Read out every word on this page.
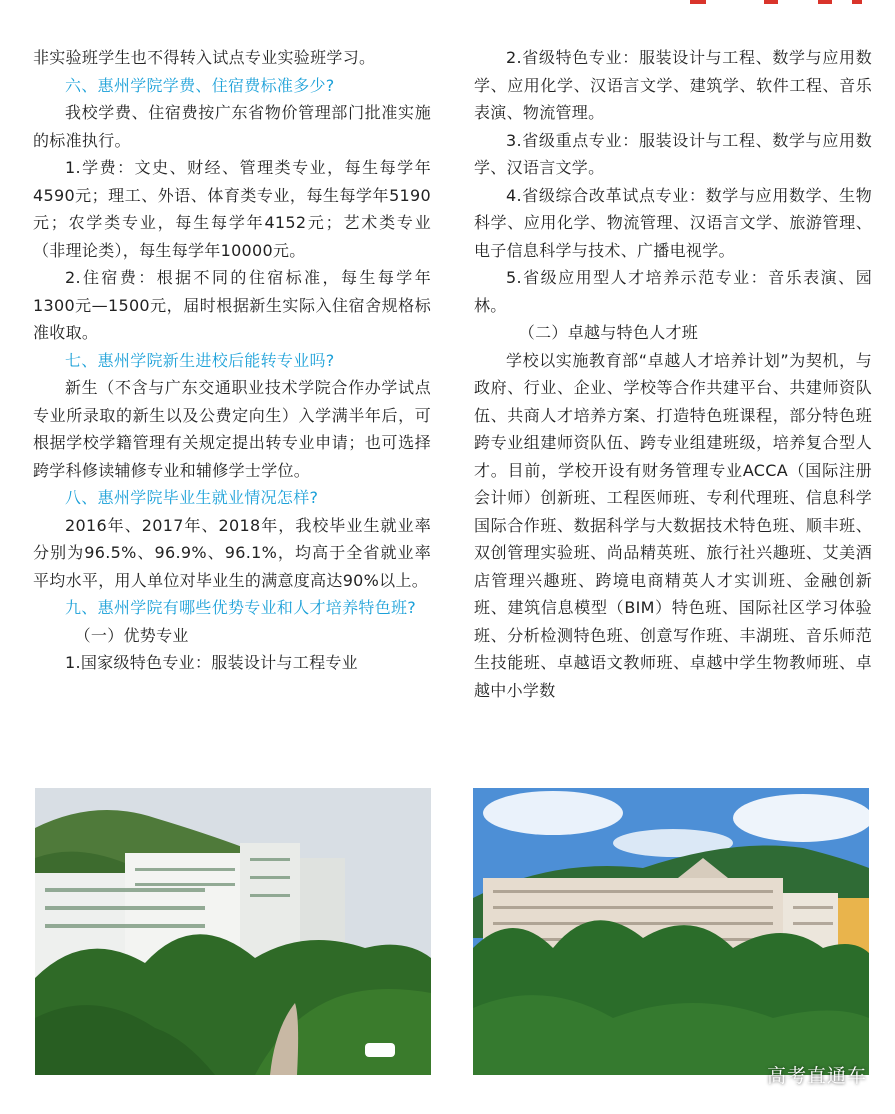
非实验班学生也不得转入试点专业实验班学习。

六、惠州学院学费、住宿费标准多少?

我校学费、住宿费按广东省物价管理部门批准实施的标准执行。

1.学费：文史、财经、管理类专业，每生每学年4590元；理工、外语、体育类专业，每生每学年5190元；农学类专业，每生每学年4152元；艺术类专业（非理论类），每生每学年10000元。

2.住宿费：根据不同的住宿标准，每生每学年1300元—1500元，届时根据新生实际入住宿舍规格标准收取。

七、惠州学院新生进校后能转专业吗?

新生（不含与广东交通职业技术学院合作办学试点专业所录取的新生以及公费定向生）入学满半年后，可根据学校学籍管理有关规定提出转专业申请；也可选择跨学科修读辅修专业和辅修学士学位。

八、惠州学院毕业生就业情况怎样?

2016年、2017年、2018年，我校毕业生就业率分别为96.5%、96.9%、96.1%，均高于全省就业率平均水平，用人单位对毕业生的满意度高达90%以上。

九、惠州学院有哪些优势专业和人才培养特色班?

（一）优势专业

1.国家级特色专业：服装设计与工程专业

2.省级特色专业：服装设计与工程、数学与应用数学、应用化学、汉语言文学、建筑学、软件工程、音乐表演、物流管理。

3.省级重点专业：服装设计与工程、数学与应用数学、汉语言文学。

4.省级综合改革试点专业：数学与应用数学、生物科学、应用化学、物流管理、汉语言文学、旅游管理、电子信息科学与技术、广播电视学。

5.省级应用型人才培养示范专业：音乐表演、园林。

（二）卓越与特色人才班

学校以实施教育部“卓越人才培养计划”为契机，与政府、行业、企业、学校等合作共建平台、共建师资队伍、共商人才培养方案、打造特色班课程，部分特色班跨专业组建师资队伍、跨专业组建班级，培养复合型人才。目前，学校开设有财务管理专业ACCA（国际注册会计师）创新班、工程医师班、专利代理班、信息科学国际合作班、数据科学与大数据技术特色班、顺丰班、双创管理实验班、尚品精英班、旅行社兴趣班、艾美酒店管理兴趣班、跨境电商精英人才实训班、金融创新班、建筑信息模型（BIM）特色班、国际社区学习体验班、分析检测特色班、创意写作班、丰湖班、音乐师范生技能班、卓越语文教师班、卓越中学生物教师班、卓越中小学数

高考直通车
